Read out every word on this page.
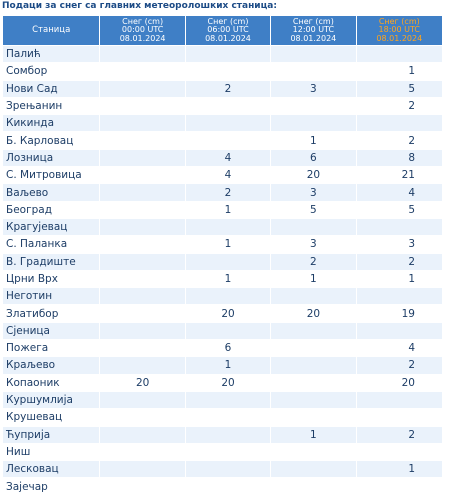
Подаци за снег са главних метеоролошких станица:
Станица	Снег (cm)
00:00 UTC
08.01.2024	Снег (cm)
06:00 UTC
08.01.2024	Снег (cm)
12:00 UTC
08.01.2024	Снег (cm)
18:00 UTC
08.01.2024
Палић				
Сомбор				1
Нови Сад		2	3	5
Зрењанин				2
Кикинда				
Б. Карловац			1	2
Лозница		4	6	8
С. Митровица		4	20	21
Ваљево		2	3	4
Београд		1	5	5
Крагујевац				
С. Паланка		1	3	3
В. Градиште			2	2
Црни Врх		1	1	1
Неготин				
Златибор		20	20	19
Сјеница				
Пожега		6		4
Краљево		1		2
Копаоник	20	20		20
Куршумлија				
Крушевац				
Ћуприја			1	2
Ниш				
Лесковац				1
Зајечар				
